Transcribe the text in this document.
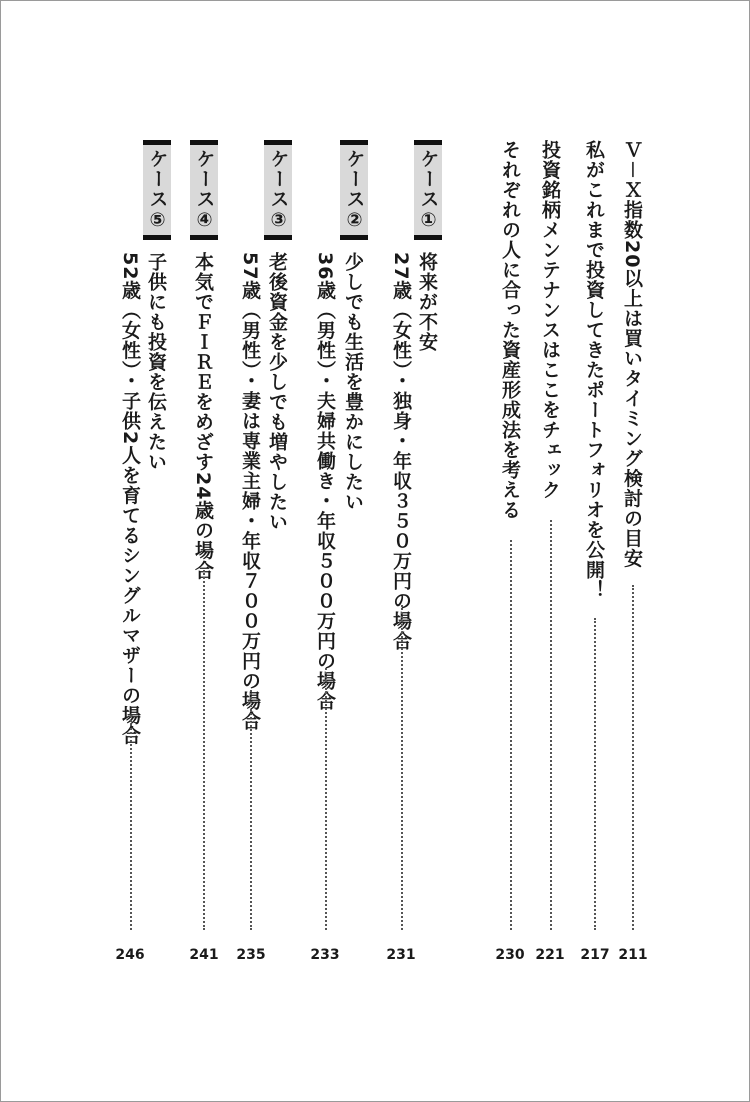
Ｖ－Ｘ指数20以上は買いタイミング検討の目安
211
私がこれまで投資してきたポートフォリオを公開！
217
投資銘柄メンテナンスはここをチェック
221
それぞれの人に合った資産形成法を考える
230
ケース①
将来が不安
27歳（女性）・独身・年収３５０万円の場合
231
ケース②
少しでも生活を豊かにしたい
36歳（男性）・夫婦共働き・年収５００万円の場合
233
ケース③
老後資金を少しでも増やしたい
57歳（男性）・妻は専業主婦・年収７００万円の場合
235
ケース④
本気でＦＩＲＥをめざす24歳の場合
241
ケース⑤
子供にも投資を伝えたい
52歳（女性）・子供2人を育てるシングルマザーの場合
246
